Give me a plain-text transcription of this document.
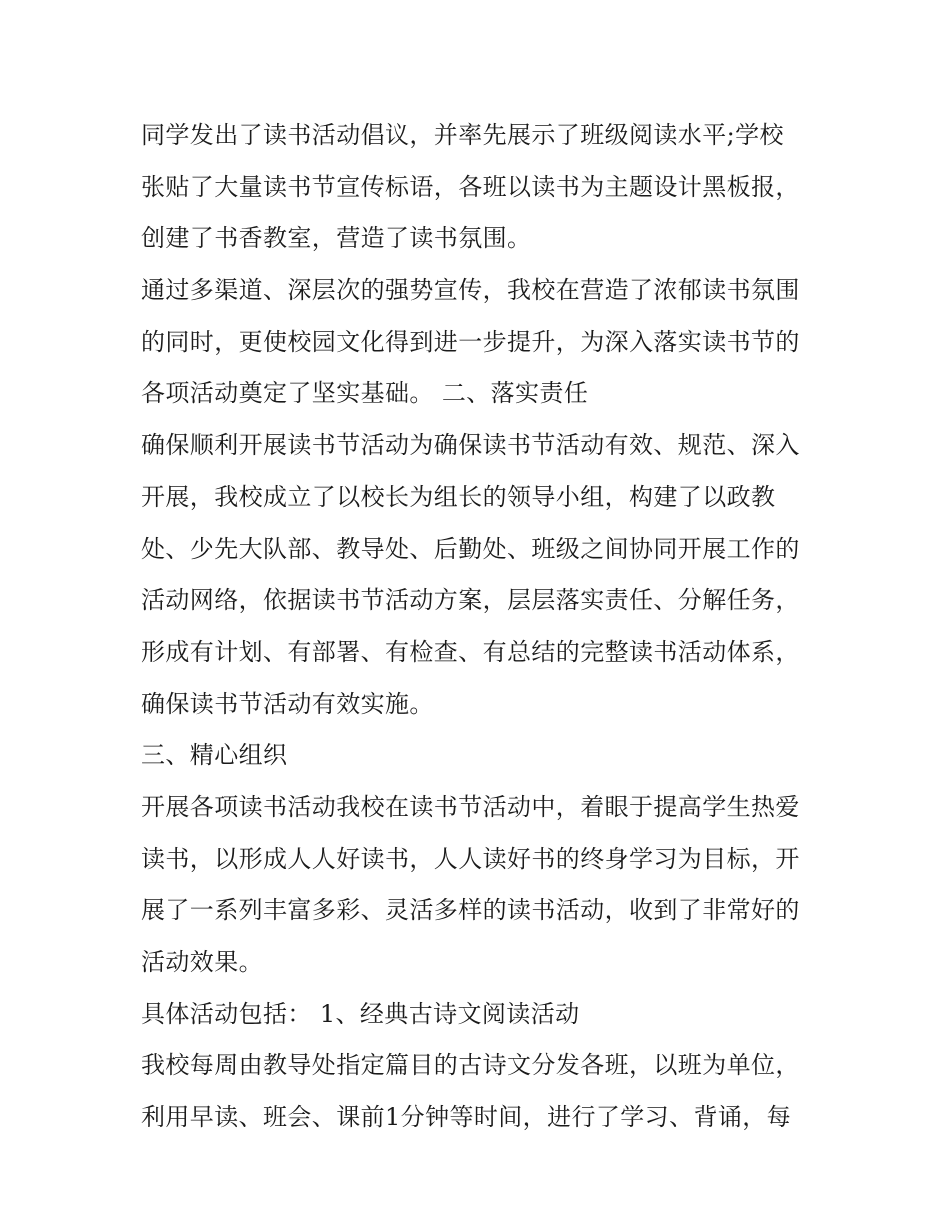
同学发出了读书活动倡议，并率先展示了班级阅读水平;学校
张贴了大量读书节宣传标语，各班以读书为主题设计黑板报，
创建了书香教室，营造了读书氛围。
通过多渠道、深层次的强势宣传，我校在营造了浓郁读书氛围
的同时，更使校园文化得到进一步提升，为深入落实读书节的
各项活动奠定了坚实基础。 二、落实责任
确保顺利开展读书节活动为确保读书节活动有效、规范、深入
开展，我校成立了以校长为组长的领导小组，构建了以政教
处、少先大队部、教导处、后勤处、班级之间协同开展工作的
活动网络，依据读书节活动方案，层层落实责任、分解任务，
形成有计划、有部署、有检查、有总结的完整读书活动体系，
确保读书节活动有效实施。
三、精心组织
开展各项读书活动我校在读书节活动中，着眼于提高学生热爱
读书，以形成人人好读书，人人读好书的终身学习为目标，开
展了一系列丰富多彩、灵活多样的读书活动，收到了非常好的
活动效果。
具体活动包括： 1、经典古诗文阅读活动
我校每周由教导处指定篇目的古诗文分发各班，以班为单位，
利用早读、班会、课前1分钟等时间，进行了学习、背诵，每
